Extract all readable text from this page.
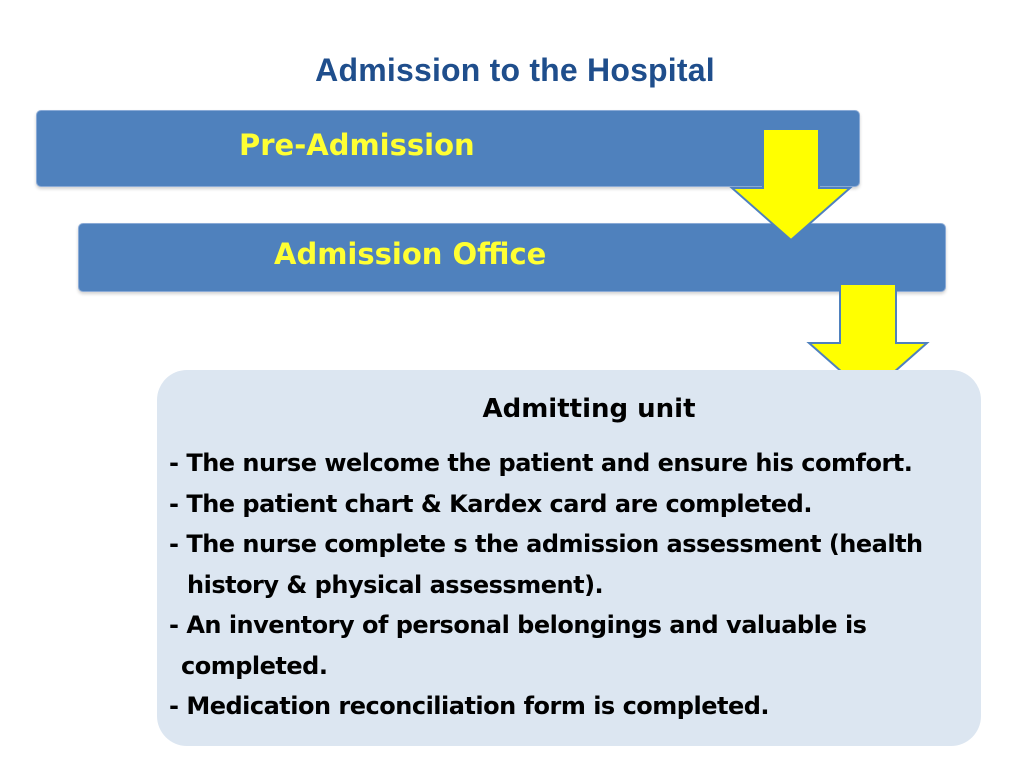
Admission to the Hospital
Pre-Admission
Admission Office
Admitting unit
- The nurse welcome the patient and ensure his comfort.
- The patient chart & Kardex card are completed.
- The nurse complete s the admission assessment (health
history & physical assessment).
- An inventory of personal belongings and valuable is
completed.
- Medication reconciliation form is completed.
